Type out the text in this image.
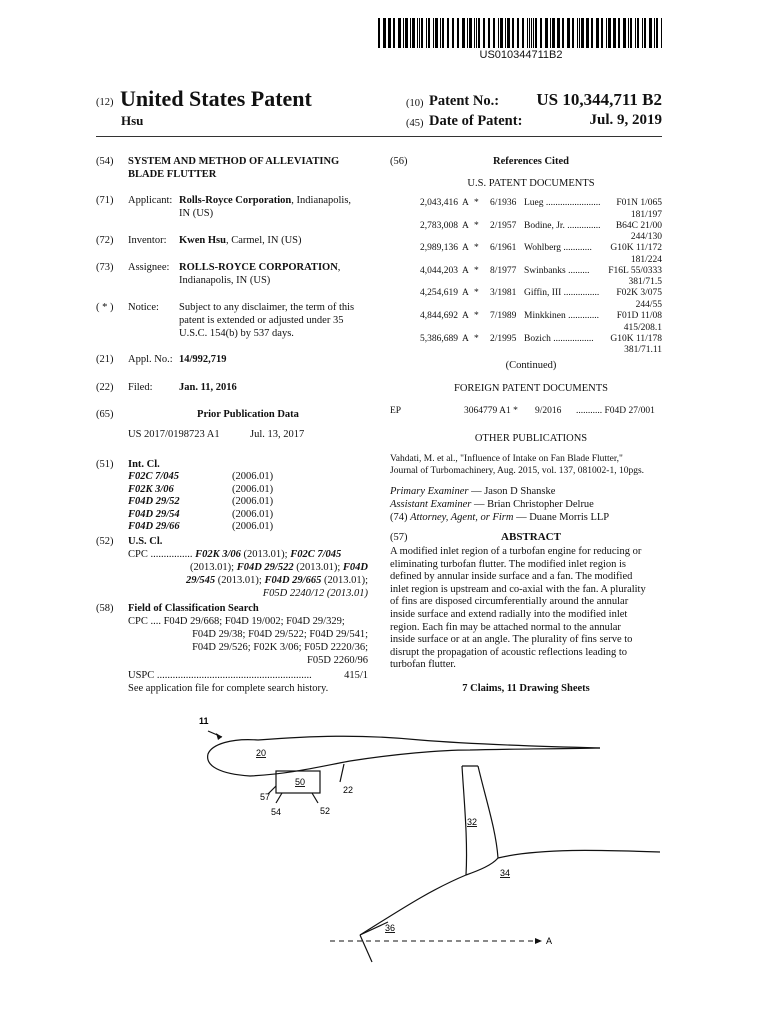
US010344711B2
(12) United States Patent
Hsu
(10) Patent No.:	US 10,344,711 B2
(45) Date of Patent:	Jul. 9, 2019
(54) SYSTEM AND METHOD OF ALLEVIATING
BLADE FLUTTER
(71) Applicant: Rolls-Royce Corporation, Indianapolis,
IN (US)
(72) Inventor: Kwen Hsu, Carmel, IN (US)
(73) Assignee: ROLLS-ROYCE CORPORATION,
Indianapolis, IN (US)
( * ) Notice: Subject to any disclaimer, the term of this
patent is extended or adjusted under 35
U.S.C. 154(b) by 537 days.
(21) Appl. No.: 14/992,719
(22) Filed:	Jan. 11, 2016
(65)	Prior Publication Data
US 2017/0198723 A1	Jul. 13, 2017
(51) Int. Cl.
F02C 7/045	(2006.01)
F02K 3/06	(2006.01)
F04D 29/52	(2006.01)
F04D 29/54	(2006.01)
F04D 29/66	(2006.01)
(52) U.S. Cl.
CPC ................ F02K 3/06 (2013.01); F02C 7/045
(2013.01); F04D 29/522 (2013.01); F04D
29/545 (2013.01); F04D 29/665 (2013.01);
F05D 2240/12 (2013.01)
(58) Field of Classification Search
CPC .... F04D 29/668; F04D 19/002; F04D 29/329;
F04D 29/38; F04D 29/522; F04D 29/541;
F04D 29/526; F02K 3/06; F05D 2220/36;
F05D 2260/96
USPC ...........................................................	415/1
See application file for complete search history.
(56)	References Cited
U.S. PATENT DOCUMENTS
2,043,416 A * 6/1936 Lueg ....................... F01N 1/065
181/197
2,783,008 A * 2/1957 Bodine, Jr. .............. B64C 21/00
244/130
2,989,136 A * 6/1961 Wohlberg ............ G10K 11/172
181/224
4,044,203 A * 8/1977 Swinbanks ......... F16L 55/0333
381/71.5
4,254,619 A * 3/1981 Giffin, III ............... F02K 3/075
244/55
4,844,692 A * 7/1989 Minkkinen ............. F01D 11/08
415/208.1
5,386,689 A * 2/1995 Bozich ................. G10K 11/178
381/71.11
(Continued)
FOREIGN PATENT DOCUMENTS
EP	3064779 A1 * 9/2016 ........... F04D 27/001
OTHER PUBLICATIONS
Vahdati, M. et al., "Influence of Intake on Fan Blade Flutter,"
Journal of Turbomachinery, Aug. 2015, vol. 137, 081002-1, 10pgs.
Primary Examiner — Jason D Shanske
Assistant Examiner — Brian Christopher Delrue
(74) Attorney, Agent, or Firm — Duane Morris LLP
(57)	ABSTRACT
A modified inlet region of a turbofan engine for reducing or
eliminating turbofan flutter. The modified inlet region is
defined by annular inside surface and a fan. The modified
inlet region is upstream and co-axial with the fan. A plurality
of fins are disposed circumferentially around the annular
inside surface and extend radially into the modified inlet
region. Each fin may be attached normal to the annular
inside surface or at an angle. The plurality of fins serve to
disrupt the propagation of acoustic reflections leading to
turbofan flutter.
7 Claims, 11 Drawing Sheets
11
20
50
22
57
54	52
32
34
36
A
